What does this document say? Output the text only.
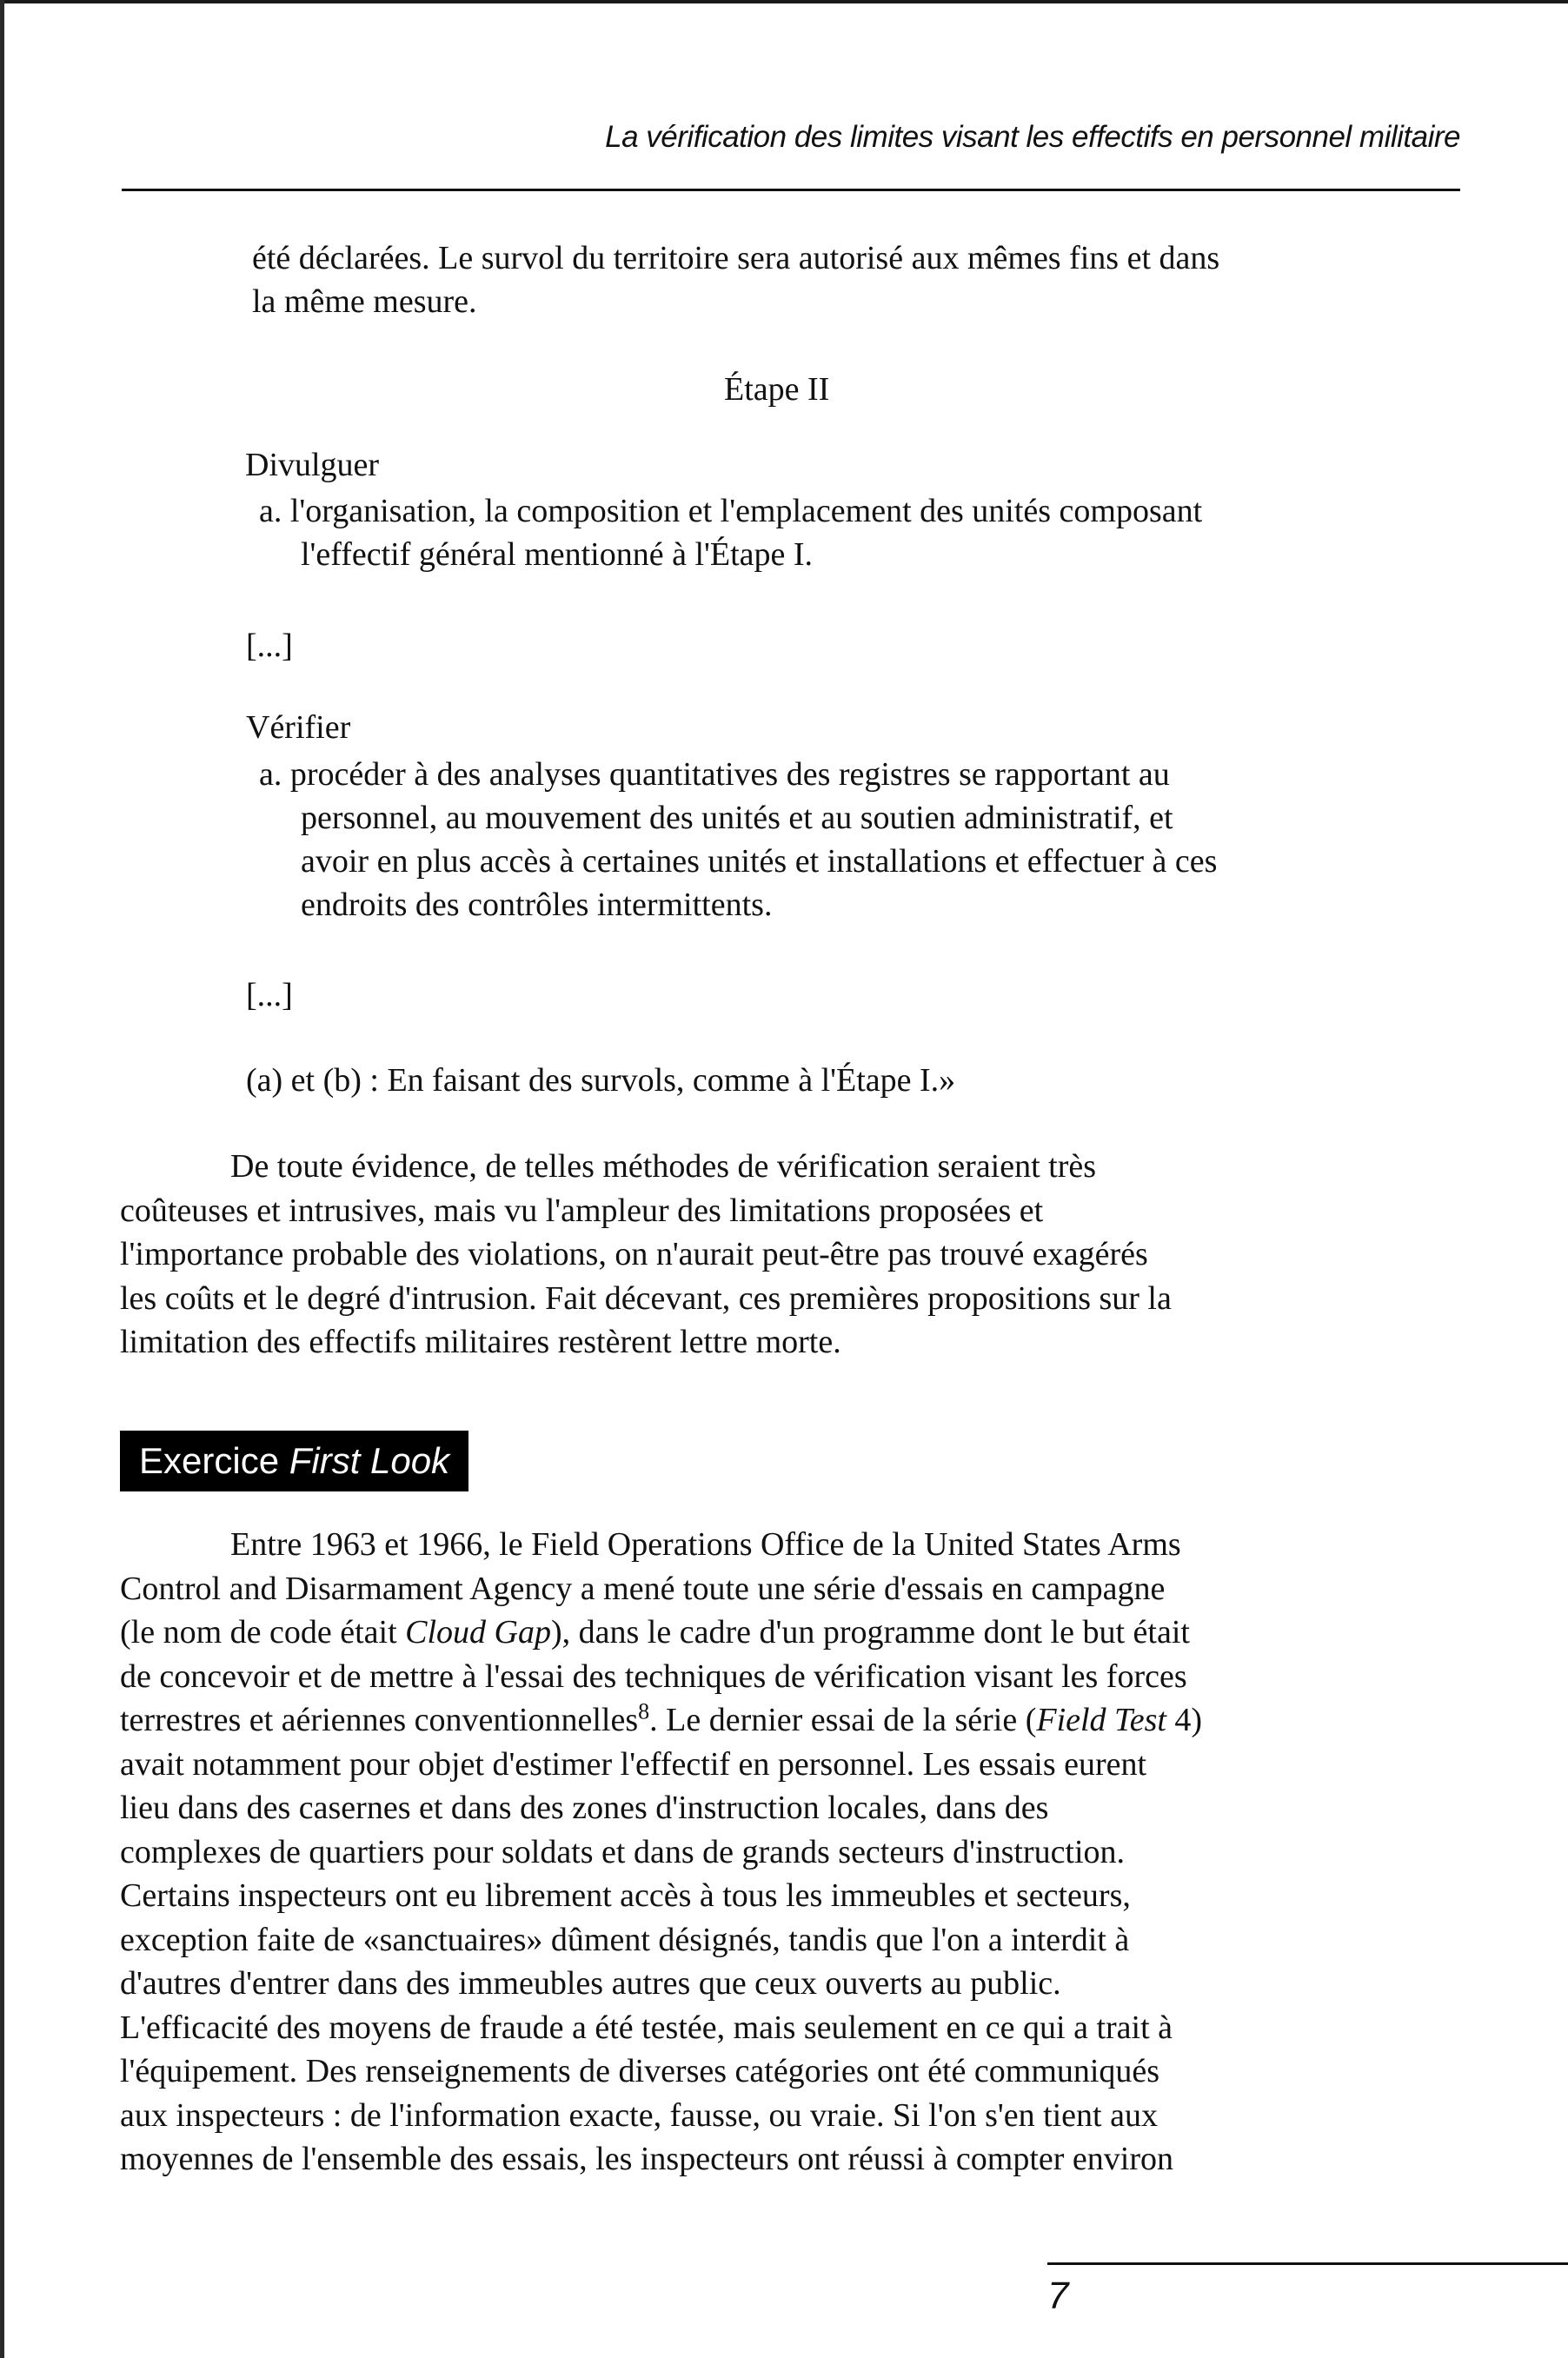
La vérification des limites visant les effectifs en personnel militaire
été déclarées. Le survol du territoire sera autorisé aux mêmes fins et dans
la même mesure.
Étape II
Divulguer
a. l'organisation, la composition et l'emplacement des unités composant
l'effectif général mentionné à l'Étape I.
[...]
Vérifier
a. procéder à des analyses quantitatives des registres se rapportant au
personnel, au mouvement des unités et au soutien administratif, et
avoir en plus accès à certaines unités et installations et effectuer à ces
endroits des contrôles intermittents.
[...]
(a) et (b) : En faisant des survols, comme à l'Étape I.»
De toute évidence, de telles méthodes de vérification seraient très
coûteuses et intrusives, mais vu l'ampleur des limitations proposées et
l'importance probable des violations, on n'aurait peut-être pas trouvé exagérés
les coûts et le degré d'intrusion. Fait décevant, ces premières propositions sur la
limitation des effectifs militaires restèrent lettre morte.
Exercice First Look
Entre 1963 et 1966, le Field Operations Office de la United States Arms
Control and Disarmament Agency a mené toute une série d'essais en campagne
(le nom de code était Cloud Gap), dans le cadre d'un programme dont le but était
de concevoir et de mettre à l'essai des techniques de vérification visant les forces
terrestres et aériennes conventionnelles$^8$. Le dernier essai de la série (Field Test 4)
avait notamment pour objet d'estimer l'effectif en personnel. Les essais eurent
lieu dans des casernes et dans des zones d'instruction locales, dans des
complexes de quartiers pour soldats et dans de grands secteurs d'instruction.
Certains inspecteurs ont eu librement accès à tous les immeubles et secteurs,
exception faite de «sanctuaires» dûment désignés, tandis que l'on a interdit à
d'autres d'entrer dans des immeubles autres que ceux ouverts au public.
L'efficacité des moyens de fraude a été testée, mais seulement en ce qui a trait à
l'équipement. Des renseignements de diverses catégories ont été communiqués
aux inspecteurs : de l'information exacte, fausse, ou vraie. Si l'on s'en tient aux
moyennes de l'ensemble des essais, les inspecteurs ont réussi à compter environ
7
